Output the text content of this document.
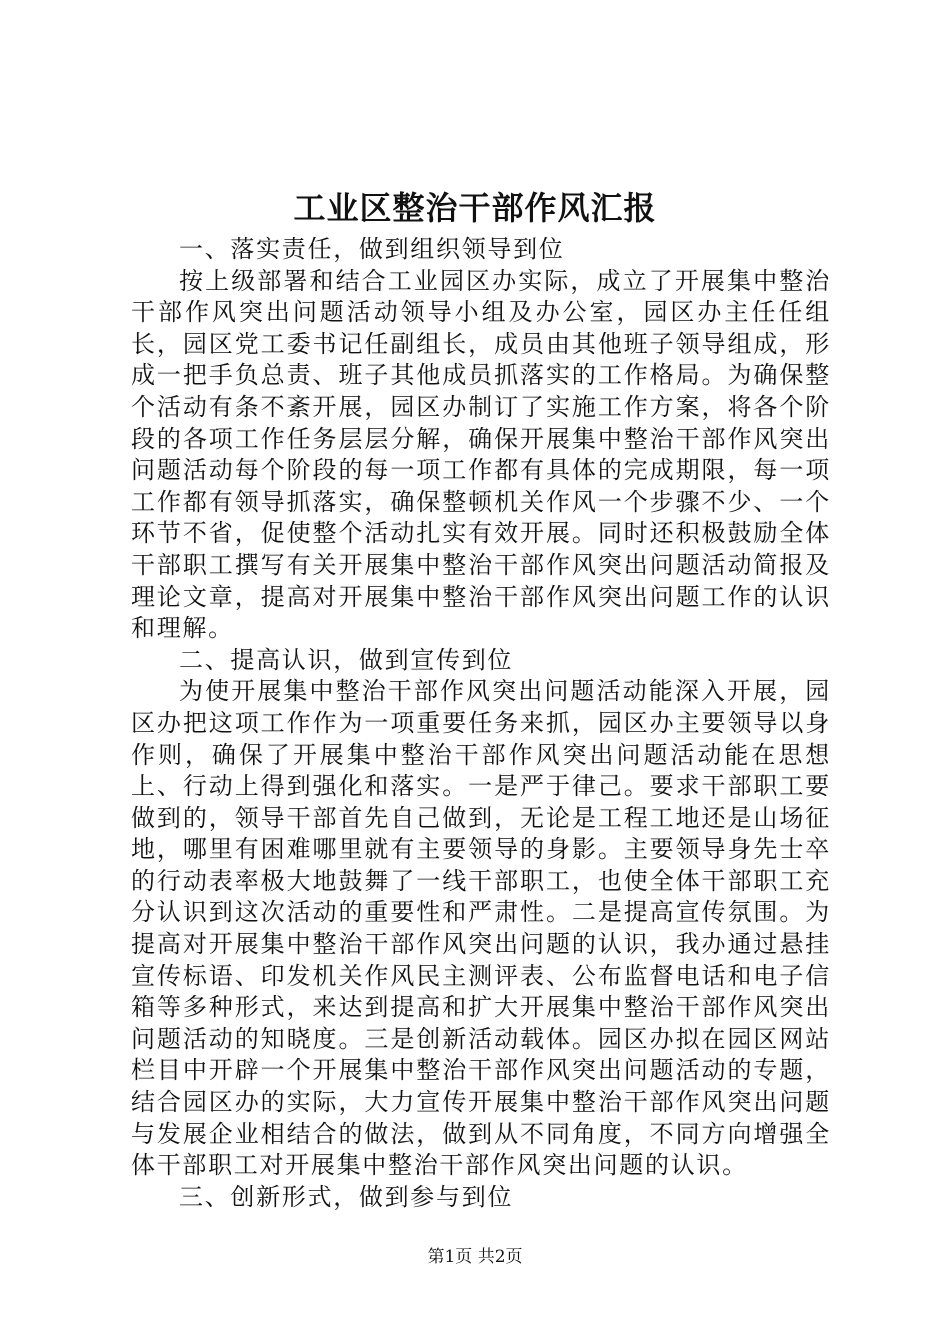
工业区整治干部作风汇报

一、落实责任，做到组织领导到位

按上级部署和结合工业园区办实际，成立了开展集中整治干部作风突出问题活动领导小组及办公室，园区办主任任组长，园区党工委书记任副组长，成员由其他班子领导组成，形成一把手负总责、班子其他成员抓落实的工作格局。为确保整个活动有条不紊开展，园区办制订了实施工作方案，将各个阶段的各项工作任务层层分解，确保开展集中整治干部作风突出问题活动每个阶段的每一项工作都有具体的完成期限，每一项工作都有领导抓落实，确保整顿机关作风一个步骤不少、一个环节不省，促使整个活动扎实有效开展。同时还积极鼓励全体干部职工撰写有关开展集中整治干部作风突出问题活动简报及理论文章，提高对开展集中整治干部作风突出问题工作的认识和理解。

二、提高认识，做到宣传到位

为使开展集中整治干部作风突出问题活动能深入开展，园区办把这项工作作为一项重要任务来抓，园区办主要领导以身作则，确保了开展集中整治干部作风突出问题活动能在思想上、行动上得到强化和落实。一是严于律己。要求干部职工要做到的，领导干部首先自己做到，无论是工程工地还是山场征地，哪里有困难哪里就有主要领导的身影。主要领导身先士卒的行动表率极大地鼓舞了一线干部职工，也使全体干部职工充分认识到这次活动的重要性和严肃性。二是提高宣传氛围。为提高对开展集中整治干部作风突出问题的认识，我办通过悬挂宣传标语、印发机关作风民主测评表、公布监督电话和电子信箱等多种形式，来达到提高和扩大开展集中整治干部作风突出问题活动的知晓度。三是创新活动载体。园区办拟在园区网站栏目中开辟一个开展集中整治干部作风突出问题活动的专题，结合园区办的实际，大力宣传开展集中整治干部作风突出问题与发展企业相结合的做法，做到从不同角度，不同方向增强全体干部职工对开展集中整治干部作风突出问题的认识。

三、创新形式，做到参与到位

第1页 共2页
